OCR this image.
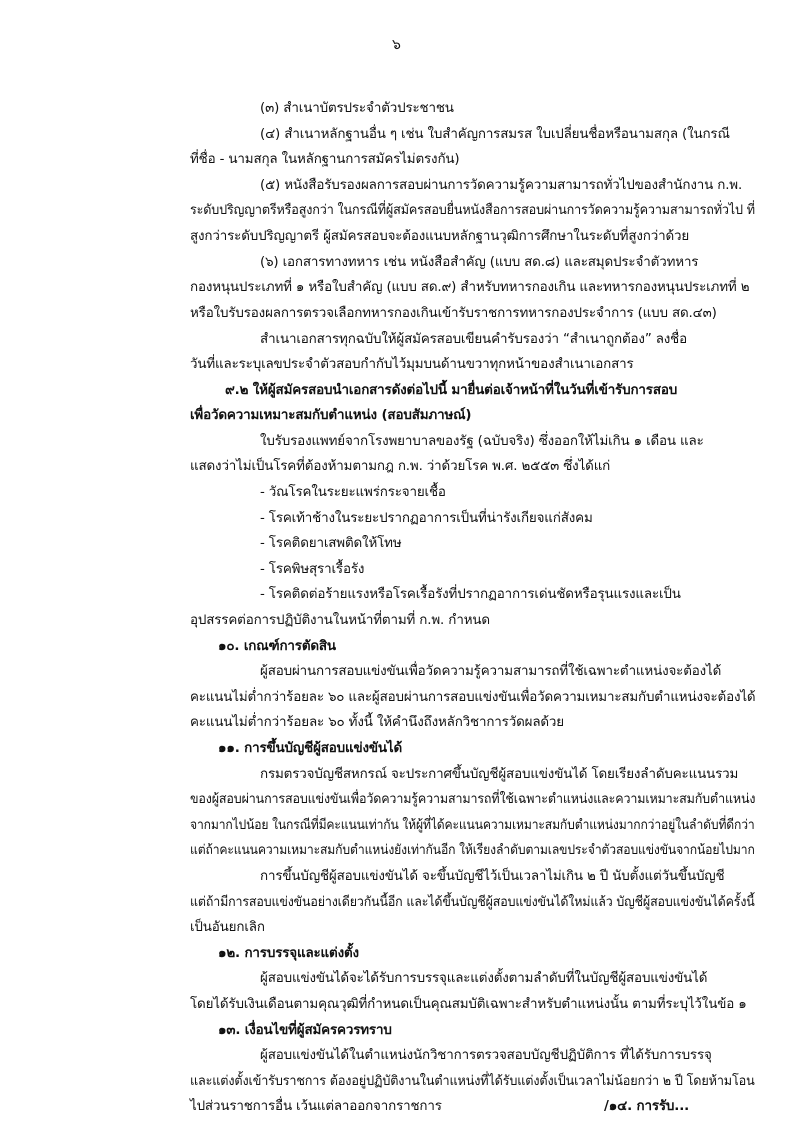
๖
(๓) สำเนาบัตรประจำตัวประชาชน
(๔) สำเนาหลักฐานอื่น ๆ เช่น ใบสำคัญการสมรส ใบเปลี่ยนชื่อหรือนามสกุล (ในกรณี
ที่ชื่อ - นามสกุล ในหลักฐานการสมัครไม่ตรงกัน)
(๕) หนังสือรับรองผลการสอบผ่านการวัดความรู้ความสามารถทั่วไปของสำนักงาน ก.พ.
ระดับปริญญาตรีหรือสูงกว่า ในกรณีที่ผู้สมัครสอบยื่นหนังสือการสอบผ่านการวัดความรู้ความสามารถทั่วไป ที่
สูงกว่าระดับปริญญาตรี ผู้สมัครสอบจะต้องแนบหลักฐานวุฒิการศึกษาในระดับที่สูงกว่าด้วย
(๖) เอกสารทางทหาร เช่น หนังสือสำคัญ (แบบ สด.๘) และสมุดประจำตัวทหาร
กองหนุนประเภทที่ ๑ หรือใบสำคัญ (แบบ สด.๙) สำหรับทหารกองเกิน และทหารกองหนุนประเภทที่ ๒
หรือใบรับรองผลการตรวจเลือกทหารกองเกินเข้ารับราชการทหารกองประจำการ (แบบ สด.๔๓)
สำเนาเอกสารทุกฉบับให้ผู้สมัครสอบเขียนคำรับรองว่า “สำเนาถูกต้อง” ลงชื่อ
วันที่และระบุเลขประจำตัวสอบกำกับไว้มุมบนด้านขวาทุกหน้าของสำเนาเอกสาร
๙.๒ ให้ผู้สมัครสอบนำเอกสารดังต่อไปนี้ มายื่นต่อเจ้าหน้าที่ในวันที่เข้ารับการสอบ
เพื่อวัดความเหมาะสมกับตำแหน่ง (สอบสัมภาษณ์)
ใบรับรองแพทย์จากโรงพยาบาลของรัฐ (ฉบับจริง) ซึ่งออกให้ไม่เกิน ๑ เดือน และ
แสดงว่าไม่เป็นโรคที่ต้องห้ามตามกฎ ก.พ. ว่าด้วยโรค พ.ศ. ๒๕๕๓ ซึ่งได้แก่
- วัณโรคในระยะแพร่กระจายเชื้อ
- โรคเท้าช้างในระยะปรากฏอาการเป็นที่น่ารังเกียจแก่สังคม
- โรคติดยาเสพติดให้โทษ
- โรคพิษสุราเรื้อรัง
- โรคติดต่อร้ายแรงหรือโรคเรื้อรังที่ปรากฏอาการเด่นชัดหรือรุนแรงและเป็น
อุปสรรคต่อการปฏิบัติงานในหน้าที่ตามที่ ก.พ. กำหนด
๑๐. เกณฑ์การตัดสิน
ผู้สอบผ่านการสอบแข่งขันเพื่อวัดความรู้ความสามารถที่ใช้เฉพาะตำแหน่งจะต้องได้
คะแนนไม่ต่ำกว่าร้อยละ ๖๐ และผู้สอบผ่านการสอบแข่งขันเพื่อวัดความเหมาะสมกับตำแหน่งจะต้องได้
คะแนนไม่ต่ำกว่าร้อยละ ๖๐ ทั้งนี้ ให้คำนึงถึงหลักวิชาการวัดผลด้วย
๑๑. การขึ้นบัญชีผู้สอบแข่งขันได้
กรมตรวจบัญชีสหกรณ์ จะประกาศขึ้นบัญชีผู้สอบแข่งขันได้ โดยเรียงลำดับคะแนนรวม
ของผู้สอบผ่านการสอบแข่งขันเพื่อวัดความรู้ความสามารถที่ใช้เฉพาะตำแหน่งและความเหมาะสมกับตำแหน่ง
จากมากไปน้อย ในกรณีที่มีคะแนนเท่ากัน ให้ผู้ที่ได้คะแนนความเหมาะสมกับตำแหน่งมากกว่าอยู่ในลำดับที่ดีกว่า
แต่ถ้าคะแนนความเหมาะสมกับตำแหน่งยังเท่ากันอีก ให้เรียงลำดับตามเลขประจำตัวสอบแข่งขันจากน้อยไปมาก
การขึ้นบัญชีผู้สอบแข่งขันได้ จะขึ้นบัญชีไว้เป็นเวลาไม่เกิน ๒ ปี นับตั้งแต่วันขึ้นบัญชี
แต่ถ้ามีการสอบแข่งขันอย่างเดียวกันนี้อีก และได้ขึ้นบัญชีผู้สอบแข่งขันได้ใหม่แล้ว บัญชีผู้สอบแข่งขันได้ครั้งนี้
เป็นอันยกเลิก
๑๒. การบรรจุและแต่งตั้ง
ผู้สอบแข่งขันได้จะได้รับการบรรจุและแต่งตั้งตามลำดับที่ในบัญชีผู้สอบแข่งขันได้
โดยได้รับเงินเดือนตามคุณวุฒิที่กำหนดเป็นคุณสมบัติเฉพาะสำหรับตำแหน่งนั้น ตามที่ระบุไว้ในข้อ ๑
๑๓. เงื่อนไขที่ผู้สมัครควรทราบ
ผู้สอบแข่งขันได้ในตำแหน่งนักวิชาการตรวจสอบบัญชีปฏิบัติการ ที่ได้รับการบรรจุ
และแต่งตั้งเข้ารับราชการ ต้องอยู่ปฏิบัติงานในตำแหน่งที่ได้รับแต่งตั้งเป็นเวลาไม่น้อยกว่า ๒ ปี โดยห้ามโอน
ไปส่วนราชการอื่น เว้นแต่ลาออกจากราชการ	/๑๔. การรับ...
